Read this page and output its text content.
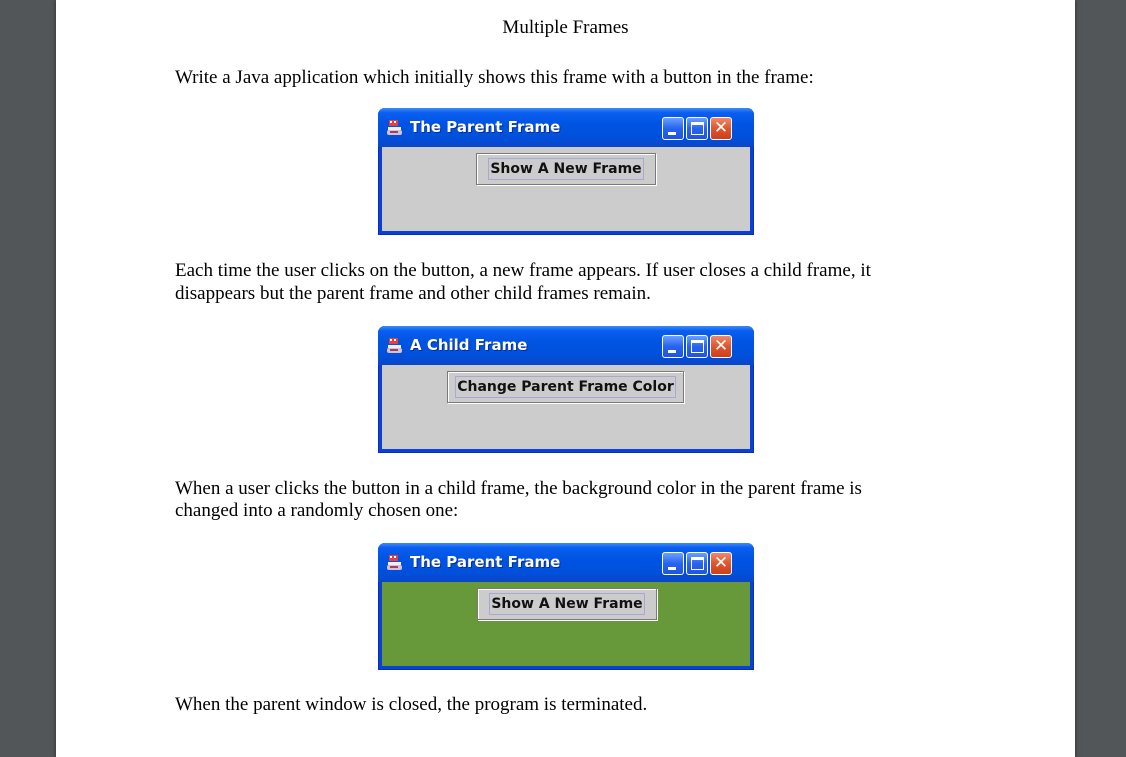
Multiple Frames
Write a Java application which initially shows this frame with a button in the frame:
The Parent Frame	✕
Show A New Frame
Each time the user clicks on the button, a new frame appears. If user closes a child frame, it
disappears but the parent frame and other child frames remain.
A Child Frame	✕
Change Parent Frame Color
When a user clicks the button in a child frame, the background color in the parent frame is
changed into a randomly chosen one:
The Parent Frame	✕
Show A New Frame
When the parent window is closed, the program is terminated.
